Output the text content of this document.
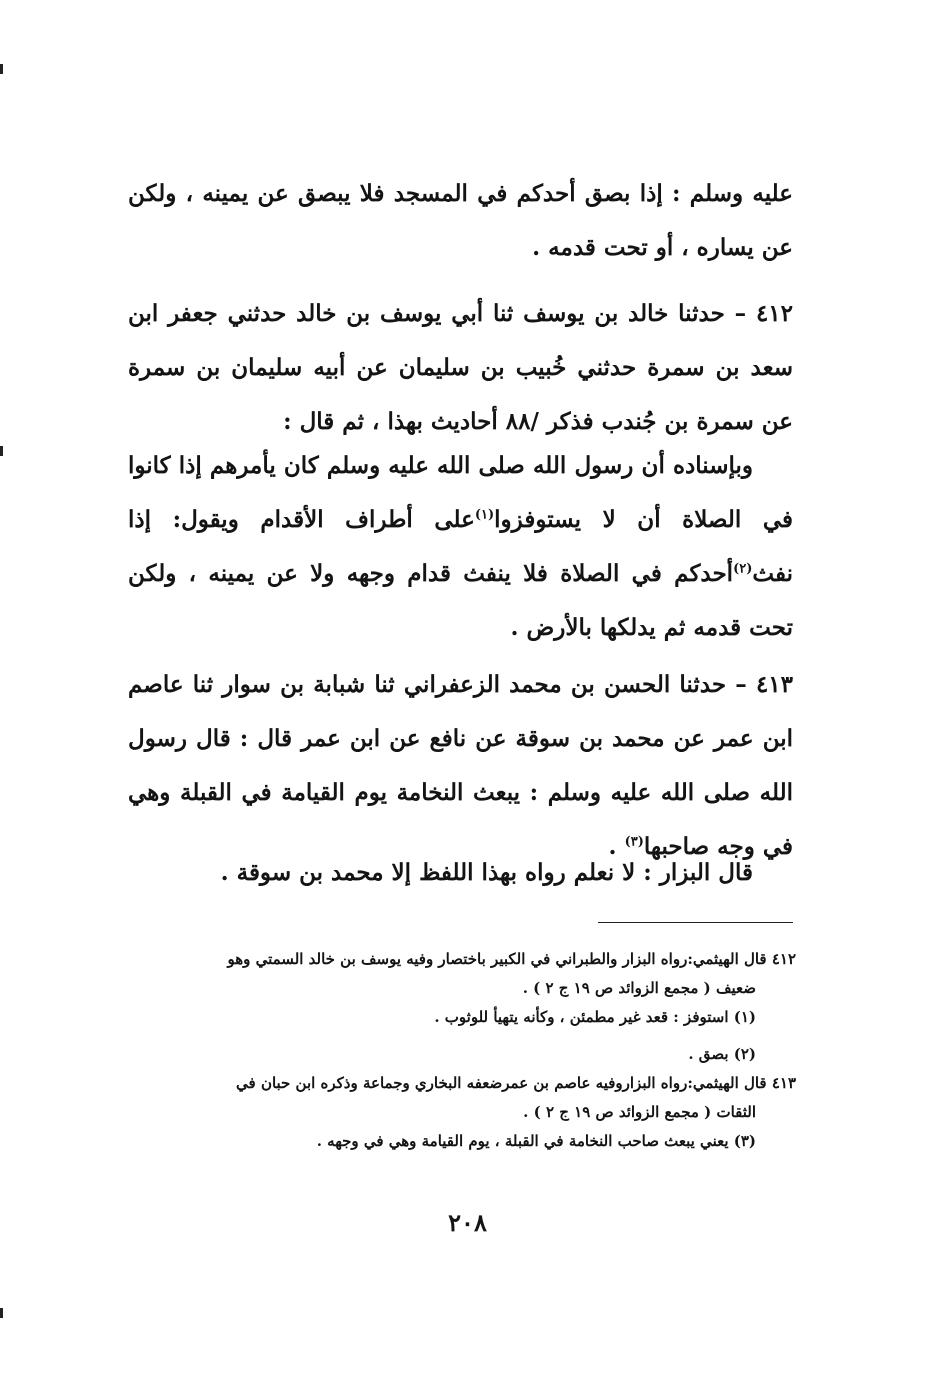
عليه وسلم : إذا بصق أحدكم في المسجد فلا يبصق عن يمينه ، ولكن عن يساره ، أو تحت قدمه .

٤١٢ – حدثنا خالد بن يوسف ثنا أبي يوسف بن خالد حدثني جعفر ابن سعد بن سمرة حدثني خُبيب بن سليمان عن أبيه سليمان بن سمرة عن سمرة بن جُندب فذكر /٨٨ أحاديث بهذا ، ثم قال :

وبإسناده أن رسول الله صلى الله عليه وسلم كان يأمرهم إذا كانوا في الصلاة أن لا يستوفزوا$^{(١)}$على أطراف الأقدام ويقول: إذا نفث$^{(٢)}$أحدكم في الصلاة فلا ينفث قدام وجهه ولا عن يمينه ، ولكن تحت قدمه ثم يدلكها بالأرض .

٤١٣ – حدثنا الحسن بن محمد الزعفراني ثنا شبابة بن سوار ثنا عاصم ابن عمر عن محمد بن سوقة عن نافع عن ابن عمر قال : قال رسول الله صلى الله عليه وسلم : يبعث النخامة يوم القيامة في القبلة وهي في وجه صاحبها$^{(٣)}$ .

قال البزار : لا نعلم رواه بهذا اللفظ إلا محمد بن سوقة .

٤١٢ قال الهيثمي:رواه البزار والطبراني في الكبير باختصار وفيه يوسف بن خالد السمتي وهو

ضعيف ( مجمع الزوائد ص ١٩ ج ٢ ) .

(١) استوفز : قعد غير مطمئن ، وكأنه يتهيأ للوثوب .

(٢) بصق .

٤١٣ قال الهيثمي:رواه البزاروفيه عاصم بن عمرضعفه البخاري وجماعة وذكره ابن حبان في

الثقات ( مجمع الزوائد ص ١٩ ج ٢ ) .

(٣) يعني يبعث صاحب النخامة في القبلة ، يوم القيامة وهي في وجهه .

٢٠٨
